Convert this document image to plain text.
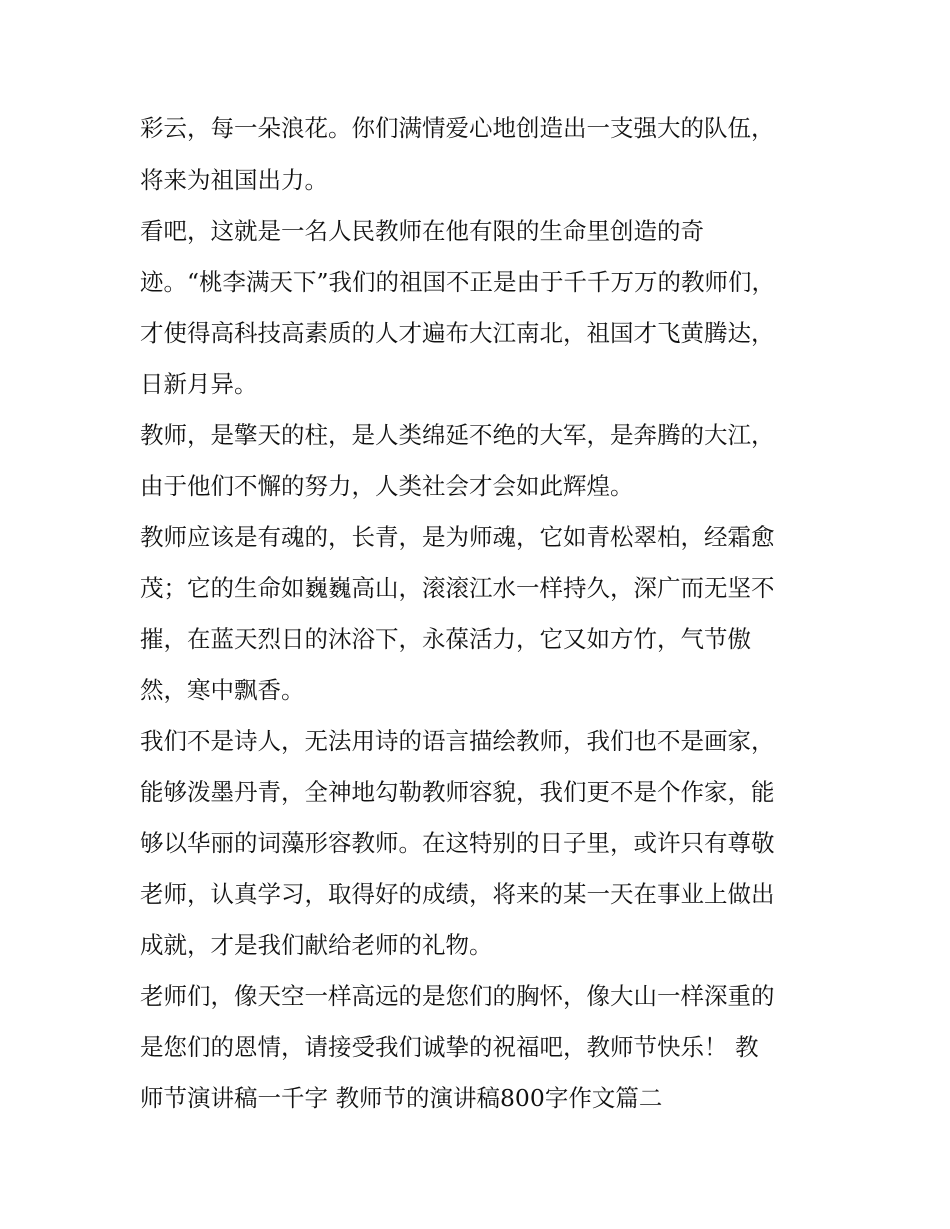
彩云，每一朵浪花。你们满情爱心地创造出一支强大的队伍，
将来为祖国出力。
看吧，这就是一名人民教师在他有限的生命里创造的奇
迹。“桃李满天下”我们的祖国不正是由于千千万万的教师们，
才使得高科技高素质的人才遍布大江南北，祖国才飞黄腾达，
日新月异。
教师，是擎天的柱，是人类绵延不绝的大军，是奔腾的大江，
由于他们不懈的努力，人类社会才会如此辉煌。
教师应该是有魂的，长青，是为师魂，它如青松翠柏，经霜愈
茂；它的生命如巍巍高山，滚滚江水一样持久，深广而无坚不
摧，在蓝天烈日的沐浴下，永葆活力，它又如方竹，气节傲
然，寒中飘香。
我们不是诗人，无法用诗的语言描绘教师，我们也不是画家，
能够泼墨丹青，全神地勾勒教师容貌，我们更不是个作家，能
够以华丽的词藻形容教师。在这特别的日子里，或许只有尊敬
老师，认真学习，取得好的成绩，将来的某一天在事业上做出
成就，才是我们献给老师的礼物。
老师们，像天空一样高远的是您们的胸怀，像大山一样深重的
是您们的恩情，请接受我们诚挚的祝福吧，教师节快乐！ 教
师节演讲稿一千字 教师节的演讲稿800字作文篇二
